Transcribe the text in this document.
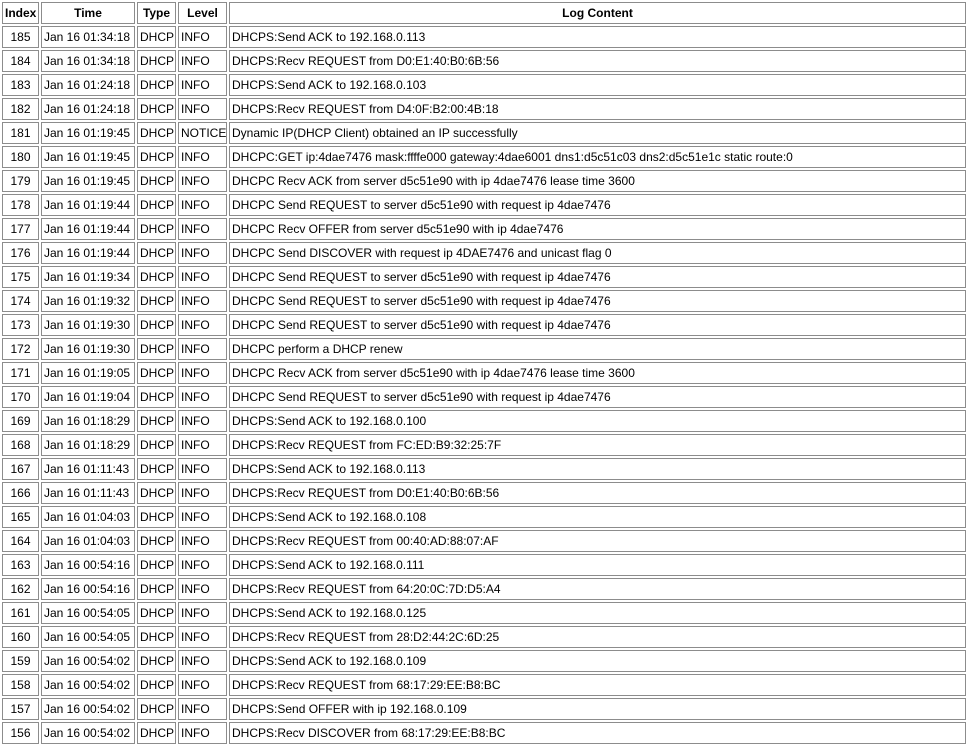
Index	Time	Type	Level	Log Content
185	Jan 16 01:34:18	DHCP	INFO	DHCPS:Send ACK to 192.168.0.113
184	Jan 16 01:34:18	DHCP	INFO	DHCPS:Recv REQUEST from D0:E1:40:B0:6B:56
183	Jan 16 01:24:18	DHCP	INFO	DHCPS:Send ACK to 192.168.0.103
182	Jan 16 01:24:18	DHCP	INFO	DHCPS:Recv REQUEST from D4:0F:B2:00:4B:18
181	Jan 16 01:19:45	DHCP	NOTICE	Dynamic IP(DHCP Client) obtained an IP successfully
180	Jan 16 01:19:45	DHCP	INFO	DHCPC:GET ip:4dae7476 mask:ffffe000 gateway:4dae6001 dns1:d5c51c03 dns2:d5c51e1c static route:0
179	Jan 16 01:19:45	DHCP	INFO	DHCPC Recv ACK from server d5c51e90 with ip 4dae7476 lease time 3600
178	Jan 16 01:19:44	DHCP	INFO	DHCPC Send REQUEST to server d5c51e90 with request ip 4dae7476
177	Jan 16 01:19:44	DHCP	INFO	DHCPC Recv OFFER from server d5c51e90 with ip 4dae7476
176	Jan 16 01:19:44	DHCP	INFO	DHCPC Send DISCOVER with request ip 4DAE7476 and unicast flag 0
175	Jan 16 01:19:34	DHCP	INFO	DHCPC Send REQUEST to server d5c51e90 with request ip 4dae7476
174	Jan 16 01:19:32	DHCP	INFO	DHCPC Send REQUEST to server d5c51e90 with request ip 4dae7476
173	Jan 16 01:19:30	DHCP	INFO	DHCPC Send REQUEST to server d5c51e90 with request ip 4dae7476
172	Jan 16 01:19:30	DHCP	INFO	DHCPC perform a DHCP renew
171	Jan 16 01:19:05	DHCP	INFO	DHCPC Recv ACK from server d5c51e90 with ip 4dae7476 lease time 3600
170	Jan 16 01:19:04	DHCP	INFO	DHCPC Send REQUEST to server d5c51e90 with request ip 4dae7476
169	Jan 16 01:18:29	DHCP	INFO	DHCPS:Send ACK to 192.168.0.100
168	Jan 16 01:18:29	DHCP	INFO	DHCPS:Recv REQUEST from FC:ED:B9:32:25:7F
167	Jan 16 01:11:43	DHCP	INFO	DHCPS:Send ACK to 192.168.0.113
166	Jan 16 01:11:43	DHCP	INFO	DHCPS:Recv REQUEST from D0:E1:40:B0:6B:56
165	Jan 16 01:04:03	DHCP	INFO	DHCPS:Send ACK to 192.168.0.108
164	Jan 16 01:04:03	DHCP	INFO	DHCPS:Recv REQUEST from 00:40:AD:88:07:AF
163	Jan 16 00:54:16	DHCP	INFO	DHCPS:Send ACK to 192.168.0.111
162	Jan 16 00:54:16	DHCP	INFO	DHCPS:Recv REQUEST from 64:20:0C:7D:D5:A4
161	Jan 16 00:54:05	DHCP	INFO	DHCPS:Send ACK to 192.168.0.125
160	Jan 16 00:54:05	DHCP	INFO	DHCPS:Recv REQUEST from 28:D2:44:2C:6D:25
159	Jan 16 00:54:02	DHCP	INFO	DHCPS:Send ACK to 192.168.0.109
158	Jan 16 00:54:02	DHCP	INFO	DHCPS:Recv REQUEST from 68:17:29:EE:B8:BC
157	Jan 16 00:54:02	DHCP	INFO	DHCPS:Send OFFER with ip 192.168.0.109
156	Jan 16 00:54:02	DHCP	INFO	DHCPS:Recv DISCOVER from 68:17:29:EE:B8:BC
